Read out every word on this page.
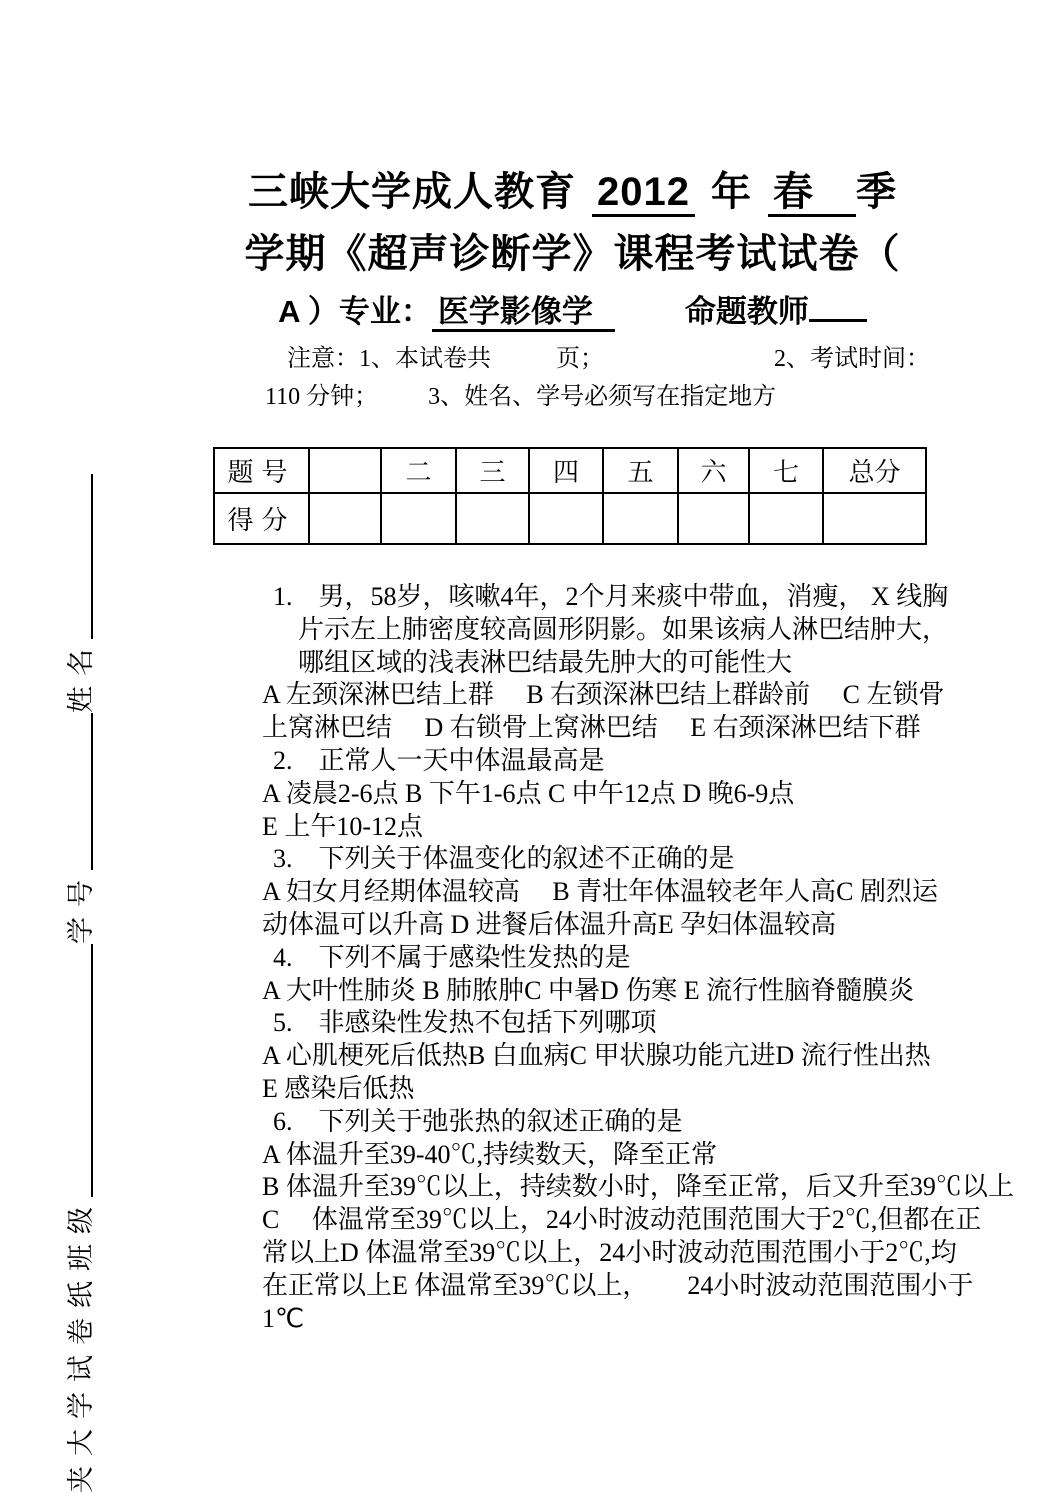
夹大学试卷纸班级学号姓名
三峡大学成人教育 2012 年 春 季
学期《超声诊断学》课程考试试卷（
A ）专业： 医学影像学	命题教师
注意：1、本试卷共	页；	2、考试时间：
110 分钟； 3、姓名、学号必须写在指定地方
题号		二	三	四	五	六	七	总分
得分								
1.　男，58岁，咳嗽4年，2个月来痰中带血，消瘦， X 线胸
片示左上肺密度较高圆形阴影。如果该病人淋巴结肿大，
哪组区域的浅表淋巴结最先肿大的可能性大
A 左颈深淋巴结上群　 B 右颈深淋巴结上群龄前　 C 左锁骨
上窝淋巴结　 D 右锁骨上窝淋巴结　 E 右颈深淋巴结下群
2.　正常人一天中体温最高是
A 凌晨2-6点 B 下午1-6点 C 中午12点 D 晚6-9点
E 上午10-12点
3.　下列关于体温变化的叙述不正确的是
A 妇女月经期体温较高　 B 青壮年体温较老年人高C 剧烈运
动体温可以升高 D 进餐后体温升高E 孕妇体温较高
4.　下列不属于感染性发热的是
A 大叶性肺炎 B 肺脓肿C 中暑D 伤寒 E 流行性脑脊髓膜炎
5.　非感染性发热不包括下列哪项
A 心肌梗死后低热B 白血病C 甲状腺功能亢进D 流行性出热
E 感染后低热
6.　下列关于弛张热的叙述正确的是
A 体温升至39-40℃,持续数天，降至正常
B 体温升至39℃以上，持续数小时，降至正常，后又升至39℃以上
C　 体温常至39℃以上，24小时波动范围范围大于2℃,但都在正
常以上D 体温常至39℃以上，24小时波动范围范围小于2℃,均
在正常以上E 体温常至39℃以上，　　24小时波动范围范围小于
1℃
